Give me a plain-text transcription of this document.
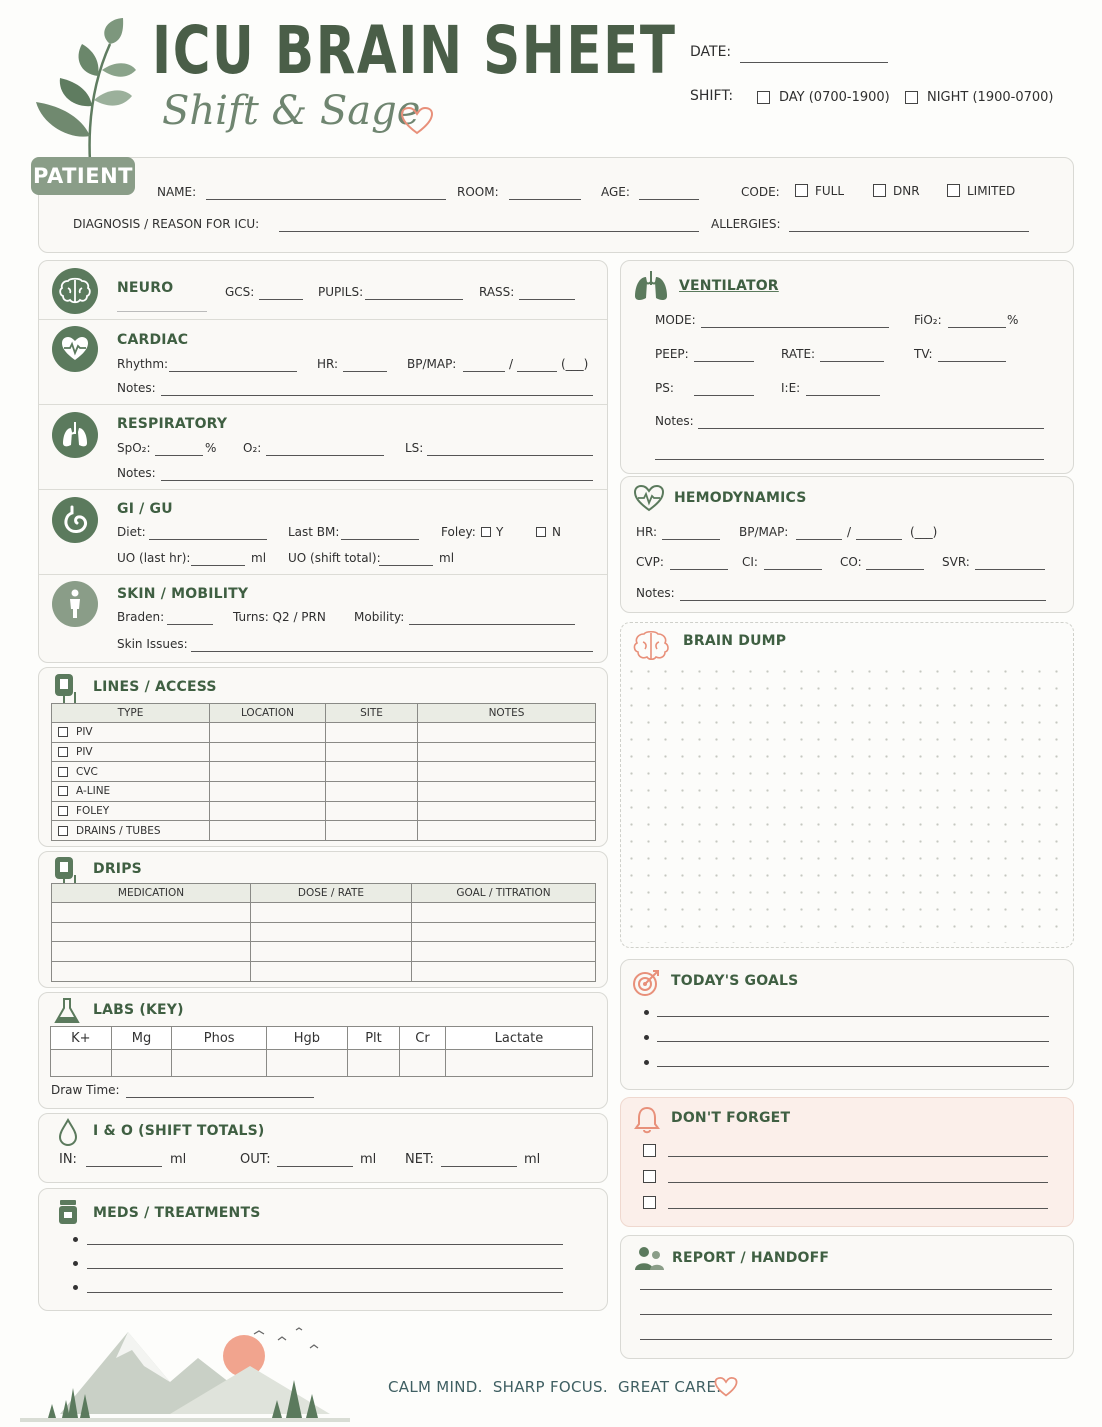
ICU BRAIN SHEET
Shift & Sage
DATE:
SHIFT:	DAY (0700-1900)	NIGHT (1900-0700)
NAME:	ROOM:	AGE:	CODE:	FULL	DNR	LIMITED
DIAGNOSIS / REASON FOR ICU:	ALLERGIES:
PATIENT
NEURO	GCS:	PUPILS:	RASS:
CARDIAC
Rhythm:	HR:	BP/MAP:	/	(___)
Notes:
RESPIRATORY
SpO₂:	% O₂:	LS:
Notes:
GI / GU
Diet:	Last BM:	Foley: Y	N
UO (last hr):	ml UO (shift total):	ml
SKIN / MOBILITY
Braden:	Turns: Q2 / PRN Mobility:
Skin Issues:
LINES / ACCESS
TYPE	LOCATION	SITE	NOTES
PIV			
PIV			
CVC			
A-LINE			
FOLEY			
DRAINS / TUBES			
DRIPS
MEDICATION	DOSE / RATE	GOAL / TITRATION

LABS (KEY)
K+	Mg	Phos	Hgb	Plt	Cr	Lactate

Draw Time:
I & O (SHIFT TOTALS)
IN:	ml	OUT:	ml NET:	ml
MEDS / TREATMENTS
VENTILATOR
MODE:	FiO₂:	%
PEEP:	RATE:	TV:
PS:	I:E:
Notes:
HEMODYNAMICS
HR:	BP/MAP:	/	(___)
CVP:	CI:	CO:	SVR:
Notes:
BRAIN DUMP
TODAY'S GOALS
DON'T FORGET
REPORT / HANDOFF
CALM MIND.  SHARP FOCUS.  GREAT CARE.
